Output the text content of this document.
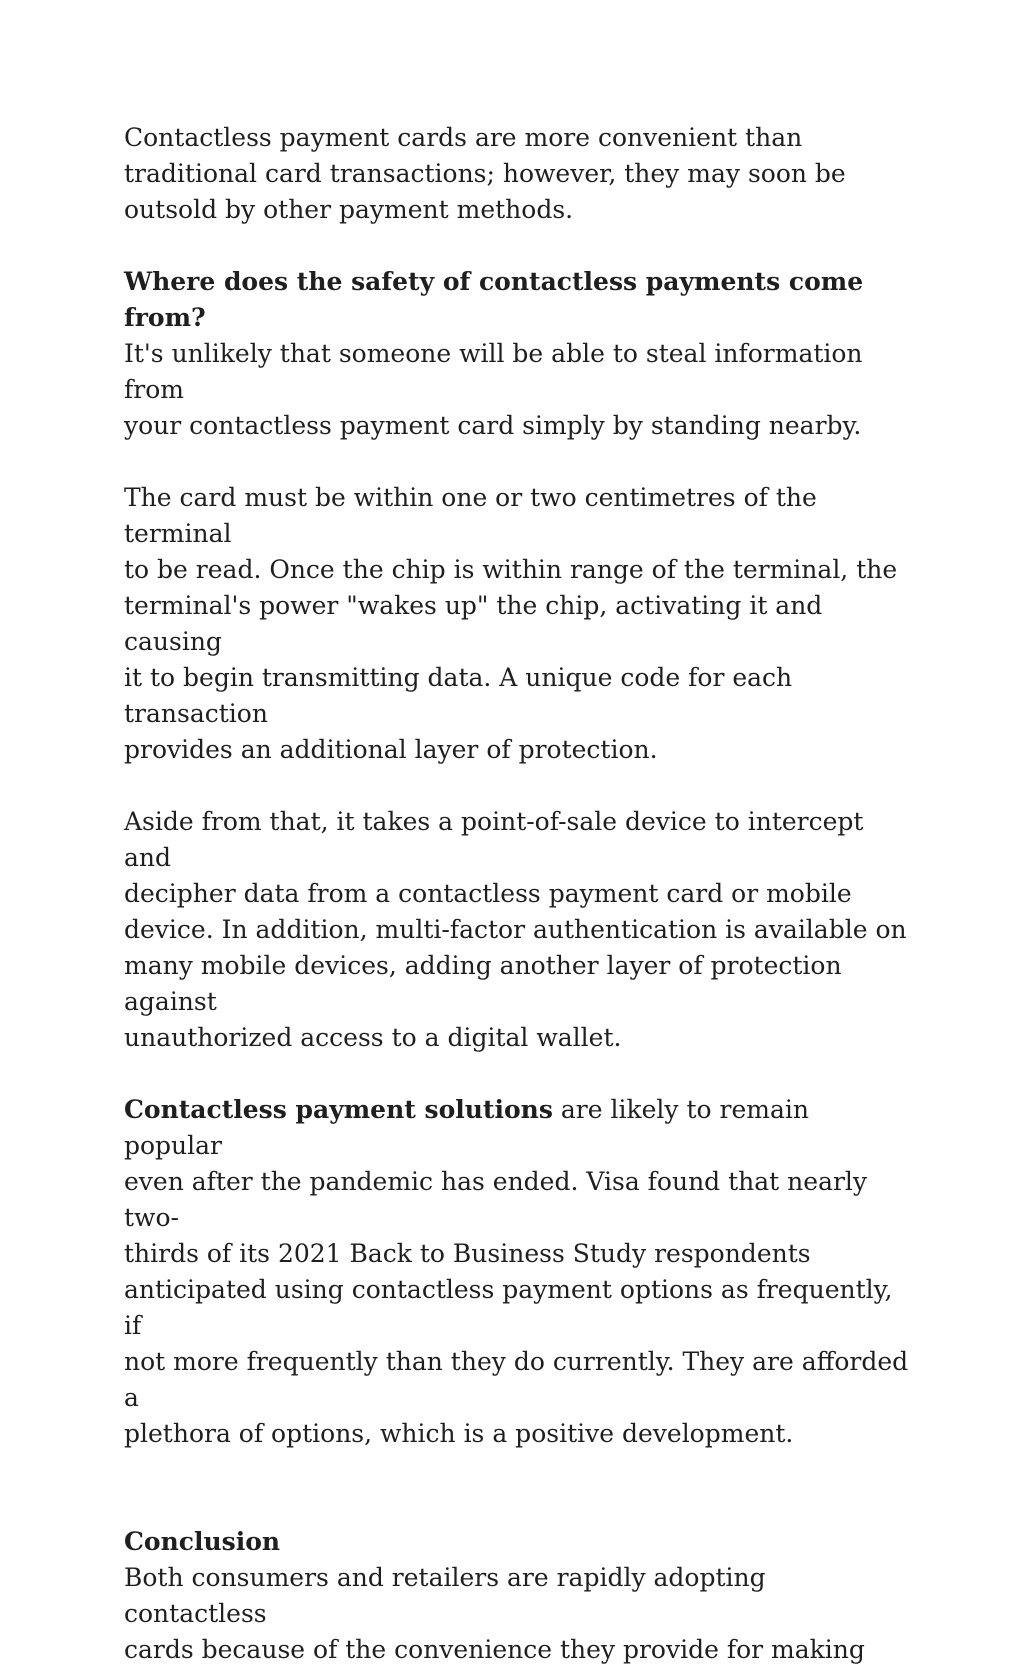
Contactless payment cards are more convenient than
traditional card transactions; however, they may soon be
outsold by other payment methods.

Where does the safety of contactless payments come
from?

It's unlikely that someone will be able to steal information from
your contactless payment card simply by standing nearby.

The card must be within one or two centimetres of the terminal
to be read. Once the chip is within range of the terminal, the
terminal's power "wakes up" the chip, activating it and causing
it to begin transmitting data. A unique code for each transaction
provides an additional layer of protection.

Aside from that, it takes a point-of-sale device to intercept and
decipher data from a contactless payment card or mobile
device. In addition, multi-factor authentication is available on
many mobile devices, adding another layer of protection against
unauthorized access to a digital wallet.

Contactless payment solutions are likely to remain popular
even after the pandemic has ended. Visa found that nearly two-
thirds of its 2021 Back to Business Study respondents
anticipated using contactless payment options as frequently, if
not more frequently than they do currently. They are afforded a
plethora of options, which is a positive development.

Conclusion

Both consumers and retailers are rapidly adopting contactless
cards because of the convenience they provide for making
